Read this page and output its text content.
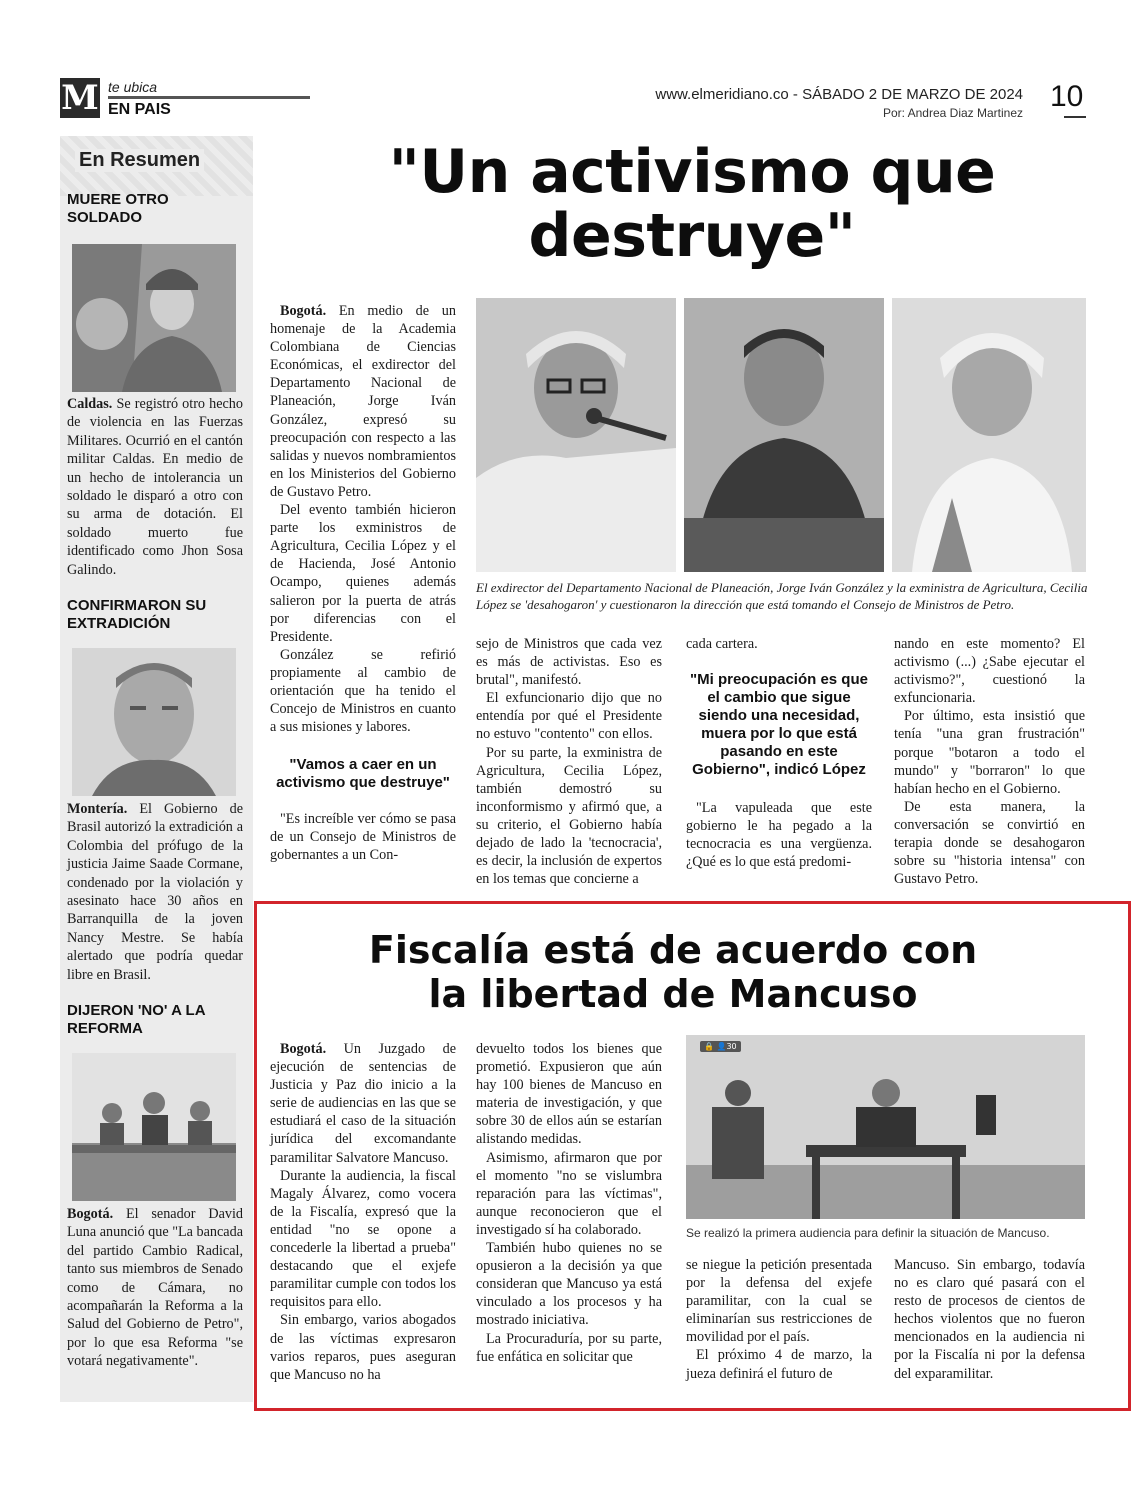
M te ubica
EN PAIS
www.elmeridiano.co - SÁBADO 2 DE MARZO DE 2024
Por: Andrea Diaz Martinez 10
En Resumen
MUERE OTRO SOLDADO
Caldas. Se registró otro hecho de violencia en las Fuerzas Militares. Ocurrió en el cantón militar Caldas. En medio de un hecho de intolerancia un soldado le disparó a otro con su arma de dotación. El soldado muerto fue identificado como Jhon Sosa Galindo.
CONFIRMARON SU EXTRADICIÓN
Montería. El Gobierno de Brasil autorizó la extradición a Colombia del prófugo de la justicia Jaime Saade Cormane, condenado por la violación y asesinato hace 30 años en Barranquilla de la joven Nancy Mestre. Se había alertado que podría quedar libre en Brasil.
DIJERON 'NO' A LA REFORMA
Bogotá. El senador David Luna anunció que "La bancada del partido Cambio Radical, tanto sus miembros de Senado como de Cámara, no acompañarán la Reforma a la Salud del Gobierno de Petro", por lo que esa Reforma "se votará negativamente".
"Un activismo que
destruye"

Bogotá. En medio de un homenaje de la Academia Colombiana de Ciencias Económicas, el exdirector del Departamento Nacional de Planeación, Jorge Iván González, expresó su preocupación con respecto a las salidas y nuevos nombramientos en los Ministerios del Gobierno de Gustavo Petro.

Del evento también hicieron parte los exministros de Agricultura, Cecilia López y el de Hacienda, José Antonio Ocampo, quienes además salieron por la puerta de atrás por diferencias con el Presidente.

González se refirió propiamente al cambio de orientación que ha tenido el Concejo de Ministros en cuanto a sus misiones y labores.

"Vamos a caer en un activismo que destruye"

"Es increíble ver cómo se pasa de un Consejo de Ministros de gobernantes a un Con-

El exdirector del Departamento Nacional de Planeación, Jorge Iván González y la exministra de Agricultura, Cecilia López se 'desahogaron' y cuestionaron la dirección que está tomando el Consejo de Ministros de Petro.

sejo de Ministros que cada vez es más de activistas. Eso es brutal", manifestó.

El exfuncionario dijo que no entendía por qué el Presidente no estuvo "contento" con ellos.

Por su parte, la exministra de Agricultura, Cecilia López, también demostró su inconformismo y afirmó que, a su criterio, el Gobierno había dejado de lado la 'tecnocracia', es decir, la inclusión de expertos en los temas que concierne a

cada cartera.

"Mi preocupación es que el cambio que sigue siendo una necesidad, muera por lo que está pasando en este Gobierno", indicó López

"La vapuleada que este gobierno le ha pegado a la tecnocracia es una vergüenza. ¿Qué es lo que está predomi-

nando en este momento? El activismo (...) ¿Sabe ejecutar el activismo?", cuestionó la exfuncionaria.

Por último, esta insistió que tenía "una gran frustración" porque "botaron a todo el mundo" y "borraron" lo que habían hecho en el Gobierno.

De esta manera, la conversación se convirtió en terapia donde se desahogaron sobre su "historia intensa" con Gustavo Petro.

Fiscalía está de acuerdo con
la libertad de Mancuso

Bogotá. Un Juzgado de ejecución de sentencias de Justicia y Paz dio inicio a la serie de audiencias en las que se estudiará el caso de la situación jurídica del excomandante paramilitar Salvatore Mancuso.

Durante la audiencia, la fiscal Magaly Álvarez, como vocera de la Fiscalía, expresó que la entidad "no se opone a concederle la libertad a prueba" destacando que el exjefe paramilitar cumple con todos los requisitos para ello.

Sin embargo, varios abogados de las víctimas expresaron varios reparos, pues aseguran que Mancuso no ha

devuelto todos los bienes que prometió. Expusieron que aún hay 100 bienes de Mancuso en materia de investigación, y que sobre 30 de ellos aún se estarían alistando medidas.

Asimismo, afirmaron que por el momento "no se vislumbra reparación para las víctimas", aunque reconocieron que el investigado sí ha colaborado.

También hubo quienes no se opusieron a la decisión ya que consideran que Mancuso ya está vinculado a los procesos y ha mostrado iniciativa.

La Procuraduría, por su parte, fue enfática en solicitar que

🔒 👤30
Se realizó la primera audiencia para definir la situación de Mancuso.

se niegue la petición presentada por la defensa del exjefe paramilitar, con la cual se eliminarían sus restricciones de movilidad por el país.

El próximo 4 de marzo, la jueza definirá el futuro de

Mancuso. Sin embargo, todavía no es claro qué pasará con el resto de procesos de cientos de hechos violentos que no fueron mencionados en la audiencia ni por la Fiscalía ni por la defensa del exparamilitar.
